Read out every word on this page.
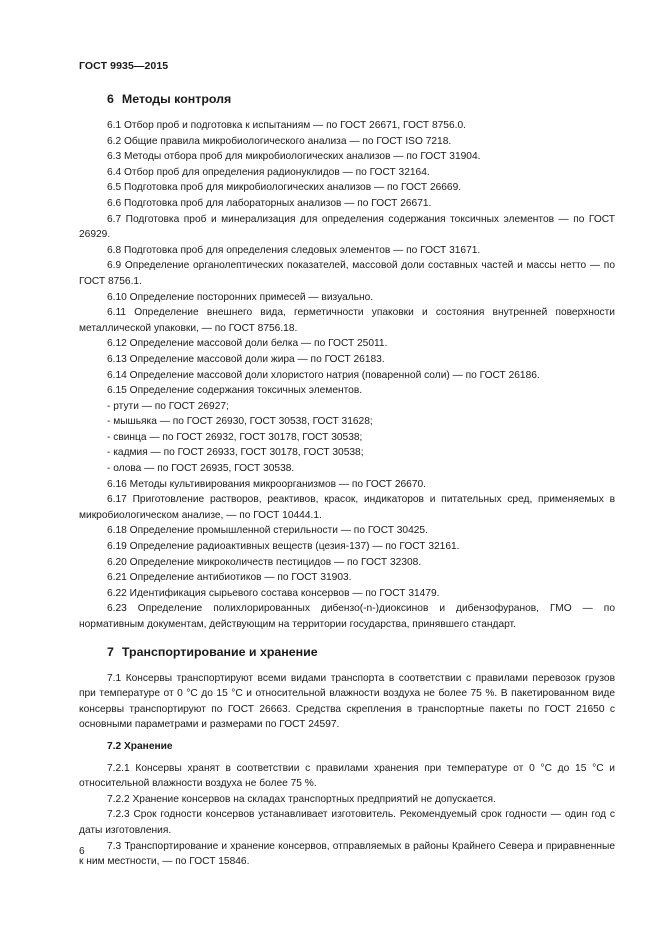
ГОСТ 9935—2015
6 Методы контроля

6.1 Отбор проб и подготовка к испытаниям — по ГОСТ 26671, ГОСТ 8756.0.

6.2 Общие правила микробиологического анализа — по ГОСТ ISO 7218.

6.3 Методы отбора проб для микробиологических анализов — по ГОСТ 31904.

6.4 Отбор проб для определения радионуклидов — по ГОСТ 32164.

6.5 Подготовка проб для микробиологических анализов — по ГОСТ 26669.

6.6 Подготовка проб для лабораторных анализов — по ГОСТ 26671.

6.7 Подготовка проб и минерализация для определения содержания токсичных элементов — по ГОСТ 26929.

6.8 Подготовка проб для определения следовых элементов — по ГОСТ 31671.

6.9 Определение органолептических показателей, массовой доли составных частей и массы нетто — по ГОСТ 8756.1.

6.10 Определение посторонних примесей — визуально.

6.11 Определение внешнего вида, герметичности упаковки и состояния внутренней поверхности металлической упаковки, — по ГОСТ 8756.18.

6.12 Определение массовой доли белка — по ГОСТ 25011.

6.13 Определение массовой доли жира — по ГОСТ 26183.

6.14 Определение массовой доли хлористого натрия (поваренной соли) — по ГОСТ 26186.

6.15 Определение содержания токсичных элементов.

- ртути — по ГОСТ 26927;

- мышьяка — по ГОСТ 26930, ГОСТ 30538, ГОСТ 31628;

- свинца — по ГОСТ 26932, ГОСТ 30178, ГОСТ 30538;

- кадмия — по ГОСТ 26933, ГОСТ 30178, ГОСТ 30538;

- олова — по ГОСТ 26935, ГОСТ 30538.

6.16 Методы культивирования микроорганизмов — по ГОСТ 26670.

6.17 Приготовление растворов, реактивов, красок, индикаторов и питательных сред, применяемых в микробиологическом анализе, — по ГОСТ 10444.1.

6.18 Определение промышленной стерильности — по ГОСТ 30425.

6.19 Определение радиоактивных веществ (цезия-137) — по ГОСТ 32161.

6.20 Определение микроколичеств пестицидов — по ГОСТ 32308.

6.21 Определение антибиотиков — по ГОСТ 31903.

6.22 Идентификация сырьевого состава консервов — по ГОСТ 31479.

6.23 Определение полихлорированных дибензо(-n-)диоксинов и дибензофуранов, ГМО — по нормативным документам, действующим на территории государства, принявшего стандарт.

7 Транспортирование и хранение

7.1 Консервы транспортируют всеми видами транспорта в соответствии с правилами перевозок грузов при температуре от 0 °С до 15 °С и относительной влажности воздуха не более 75 %. В пакетированном виде консервы транспортируют по ГОСТ 26663. Средства скрепления в транспортные пакеты по ГОСТ 21650 с основными параметрами и размерами по ГОСТ 24597.

7.2 Хранение

7.2.1 Консервы хранят в соответствии с правилами хранения при температуре от 0 °С до 15 °С и относительной влажности воздуха не более 75 %.

7.2.2 Хранение консервов на складах транспортных предприятий не допускается.

7.2.3 Срок годности консервов устанавливает изготовитель. Рекомендуемый срок годности — один год с даты изготовления.

7.3 Транспортирование и хранение консервов, отправляемых в районы Крайнего Севера и приравненные к ним местности, — по ГОСТ 15846.

6
